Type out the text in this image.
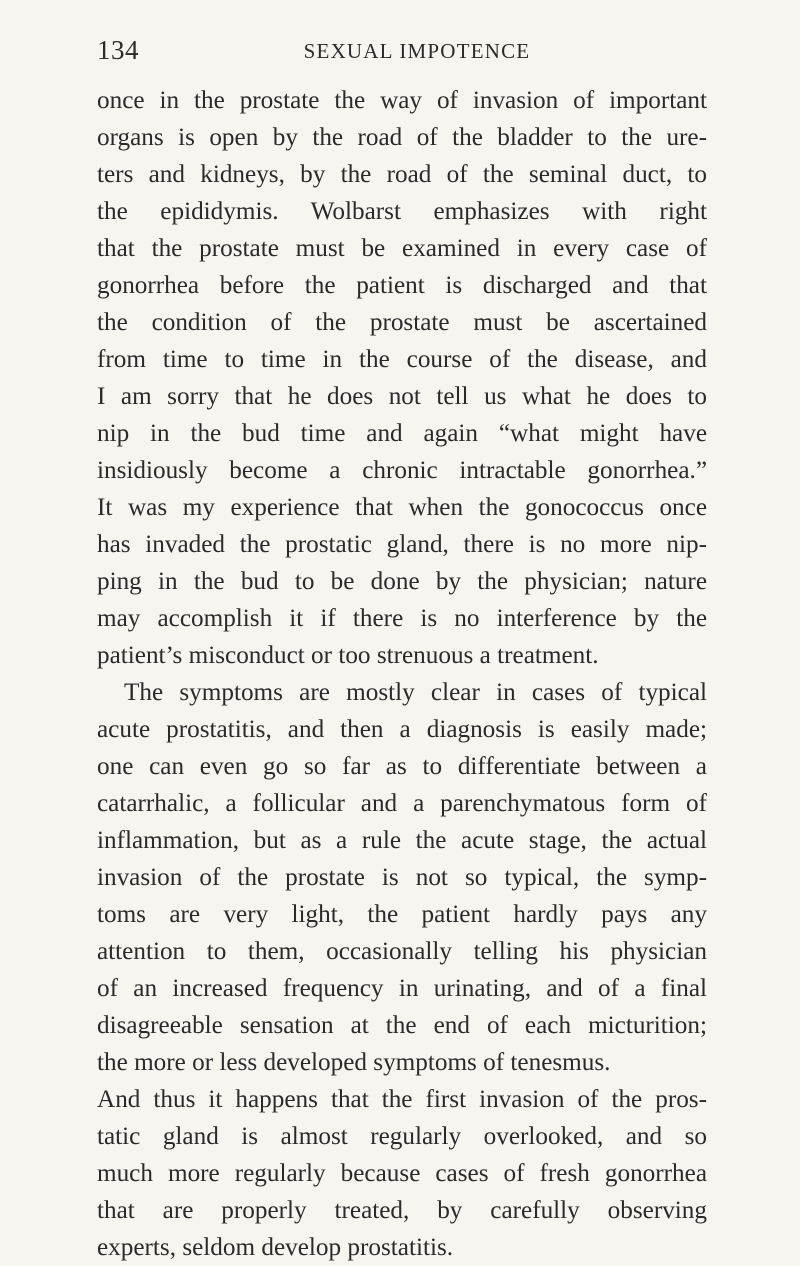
134	SEXUAL IMPOTENCE
once in the prostate the way of invasion of important
organs is open by the road of the bladder to the ure-
ters and kidneys, by the road of the seminal duct, to
the epididymis. Wolbarst emphasizes with right
that the prostate must be examined in every case of
gonorrhea before the patient is discharged and that
the condition of the prostate must be ascertained
from time to time in the course of the disease, and
I am sorry that he does not tell us what he does to
nip in the bud time and again “what might have
insidiously become a chronic intractable gonorrhea.”
It was my experience that when the gonococcus once
has invaded the prostatic gland, there is no more nip-
ping in the bud to be done by the physician; nature
may accomplish it if there is no interference by the
patient’s misconduct or too strenuous a treatment.
The symptoms are mostly clear in cases of typical
acute prostatitis, and then a diagnosis is easily made;
one can even go so far as to differentiate between a
catarrhalic, a follicular and a parenchymatous form of
inflammation, but as a rule the acute stage, the actual
invasion of the prostate is not so typical, the symp-
toms are very light, the patient hardly pays any
attention to them, occasionally telling his physician
of an increased frequency in urinating, and of a final
disagreeable sensation at the end of each micturition;
the more or less developed symptoms of tenesmus.
And thus it happens that the first invasion of the pros-
tatic gland is almost regularly overlooked, and so
much more regularly because cases of fresh gonorrhea
that are properly treated, by carefully observing
experts, seldom develop prostatitis.
